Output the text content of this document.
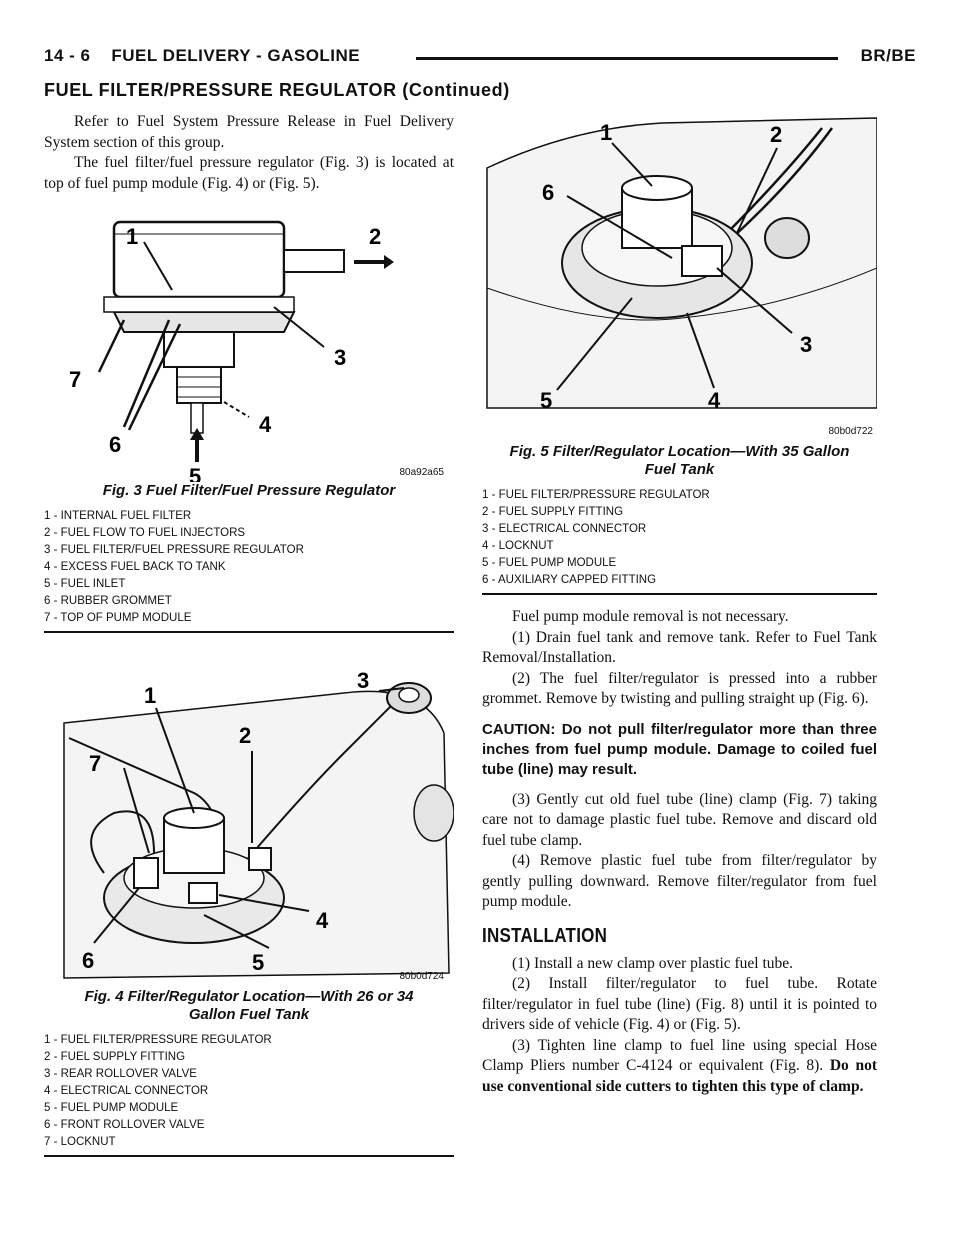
14 - 6    FUEL DELIVERY - GASOLINE	BR/BE
FUEL FILTER/PRESSURE REGULATOR (Continued)

Refer to Fuel System Pressure Release in Fuel Delivery System section of this group.

The fuel filter/fuel pressure regulator (Fig. 3) is located at top of fuel pump module (Fig. 4) or (Fig. 5).

1	2
3
4
5
6
7
80a92a65
Fig. 3 Fuel Filter/Fuel Pressure Regulator
1 - INTERNAL FUEL FILTER
2 - FUEL FLOW TO FUEL INJECTORS
3 - FUEL FILTER/FUEL PRESSURE REGULATOR
4 - EXCESS FUEL BACK TO TANK
5 - FUEL INLET
6 - RUBBER GROMMET
7 - TOP OF PUMP MODULE
1
2
3
4
5
6
7
80b0d724
Fig. 4 Filter/Regulator Location—With 26 or 34
Gallon Fuel Tank
1 - FUEL FILTER/PRESSURE REGULATOR
2 - FUEL SUPPLY FITTING
3 - REAR ROLLOVER VALVE
4 - ELECTRICAL CONNECTOR
5 - FUEL PUMP MODULE
6 - FRONT ROLLOVER VALVE
7 - LOCKNUT
1	2
3
4
5
6
80b0d722
Fig. 5 Filter/Regulator Location—With 35 Gallon
Fuel Tank
1 - FUEL FILTER/PRESSURE REGULATOR
2 - FUEL SUPPLY FITTING
3 - ELECTRICAL CONNECTOR
4 - LOCKNUT
5 - FUEL PUMP MODULE
6 - AUXILIARY CAPPED FITTING

Fuel pump module removal is not necessary.

(1) Drain fuel tank and remove tank. Refer to Fuel Tank Removal/Installation.

(2) The fuel filter/regulator is pressed into a rubber grommet. Remove by twisting and pulling straight up (Fig. 6).

CAUTION: Do not pull filter/regulator more than three inches from fuel pump module. Damage to coiled fuel tube (line) may result.

(3) Gently cut old fuel tube (line) clamp (Fig. 7) taking care not to damage plastic fuel tube. Remove and discard old fuel tube clamp.

(4) Remove plastic fuel tube from filter/regulator by gently pulling downward. Remove filter/regulator from fuel pump module.

INSTALLATION

(1) Install a new clamp over plastic fuel tube.

(2) Install filter/regulator to fuel tube. Rotate filter/regulator in fuel tube (line) (Fig. 8) until it is pointed to drivers side of vehicle (Fig. 4) or (Fig. 5).

(3) Tighten line clamp to fuel line using special Hose Clamp Pliers number C-4124 or equivalent (Fig. 8). Do not use conventional side cutters to tighten this type of clamp.
